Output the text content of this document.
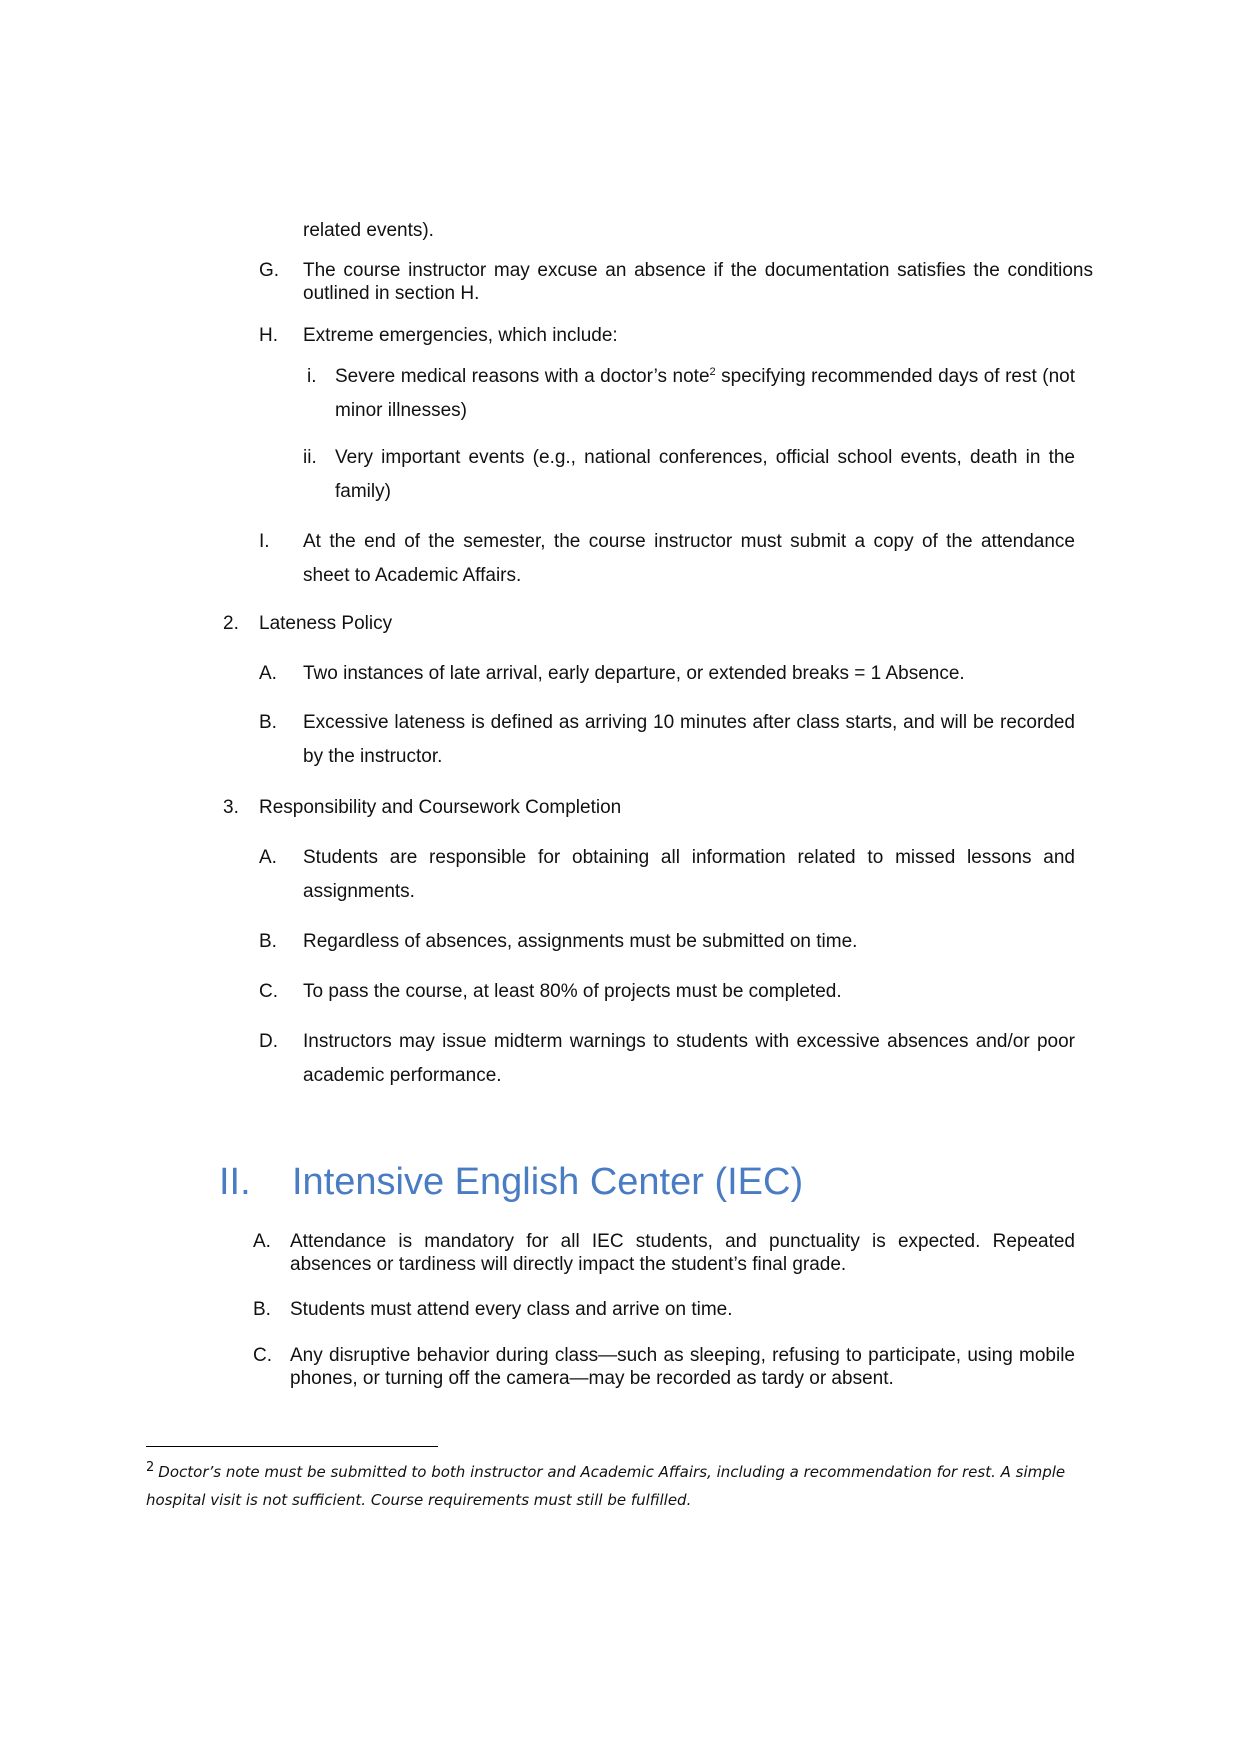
related events).
G. The course instructor may excuse an absence if the documentation satisfies the conditions outlined in section H.
H. Extreme emergencies, which include:
i. Severe medical reasons with a doctor’s note$^2$ specifying recommended days of rest (not minor illnesses)
ii. Very important events (e.g., national conferences, official school events, death in the family)
I. At the end of the semester, the course instructor must submit a copy of the attendance sheet to Academic Affairs.
2. Lateness Policy
A. Two instances of late arrival, early departure, or extended breaks = 1 Absence.
B. Excessive lateness is defined as arriving 10 minutes after class starts, and will be recorded by the instructor.
3. Responsibility and Coursework Completion
A. Students are responsible for obtaining all information related to missed lessons and assignments.
B. Regardless of absences, assignments must be submitted on time.
C. To pass the course, at least 80% of projects must be completed.
D. Instructors may issue midterm warnings to students with excessive absences and/or poor academic performance.
II. Intensive English Center (IEC)
A. Attendance is mandatory for all IEC students, and punctuality is expected. Repeated absences or tardiness will directly impact the student’s final grade.
B. Students must attend every class and arrive on time.
C. Any disruptive behavior during class—such as sleeping, refusing to participate, using mobile phones, or turning off the camera—may be recorded as tardy or absent.
2 Doctor’s note must be submitted to both instructor and Academic Affairs, including a recommendation for rest. A simple hospital visit is not sufficient. Course requirements must still be fulfilled.
